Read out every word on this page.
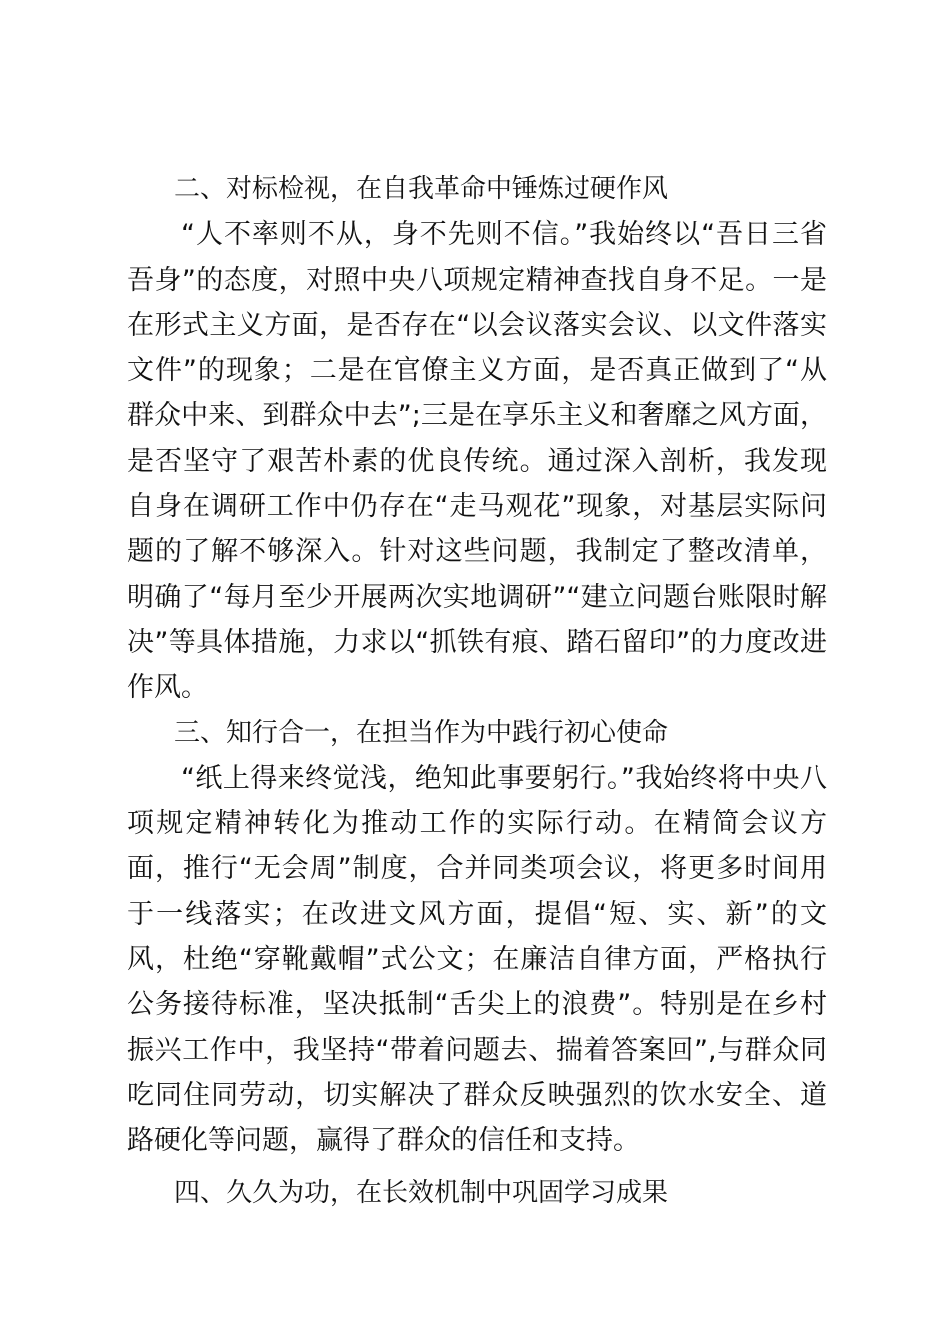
二、对标检视，在自我革命中锤炼过硬作风

“人不率则不从，身不先则不信。”我始终以“吾日三省吾身”的态度，对照中央八项规定精神查找自身不足。一是在形式主义方面，是否存在“以会议落实会议、以文件落实文件”的现象；二是在官僚主义方面，是否真正做到了“从群众中来、到群众中去”;三是在享乐主义和奢靡之风方面，是否坚守了艰苦朴素的优良传统。通过深入剖析，我发现自身在调研工作中仍存在“走马观花”现象，对基层实际问题的了解不够深入。针对这些问题，我制定了整改清单，明确了“每月至少开展两次实地调研”“建立问题台账限时解决”等具体措施，力求以“抓铁有痕、踏石留印”的力度改进作风。

三、知行合一，在担当作为中践行初心使命

“纸上得来终觉浅，绝知此事要躬行。”我始终将中央八项规定精神转化为推动工作的实际行动。在精简会议方面，推行“无会周”制度，合并同类项会议，将更多时间用于一线落实；在改进文风方面，提倡“短、实、新”的文风，杜绝“穿靴戴帽”式公文；在廉洁自律方面，严格执行公务接待标准，坚决抵制“舌尖上的浪费”。特别是在乡村振兴工作中，我坚持“带着问题去、揣着答案回”,与群众同吃同住同劳动，切实解决了群众反映强烈的饮水安全、道路硬化等问题，赢得了群众的信任和支持。

四、久久为功，在长效机制中巩固学习成果
